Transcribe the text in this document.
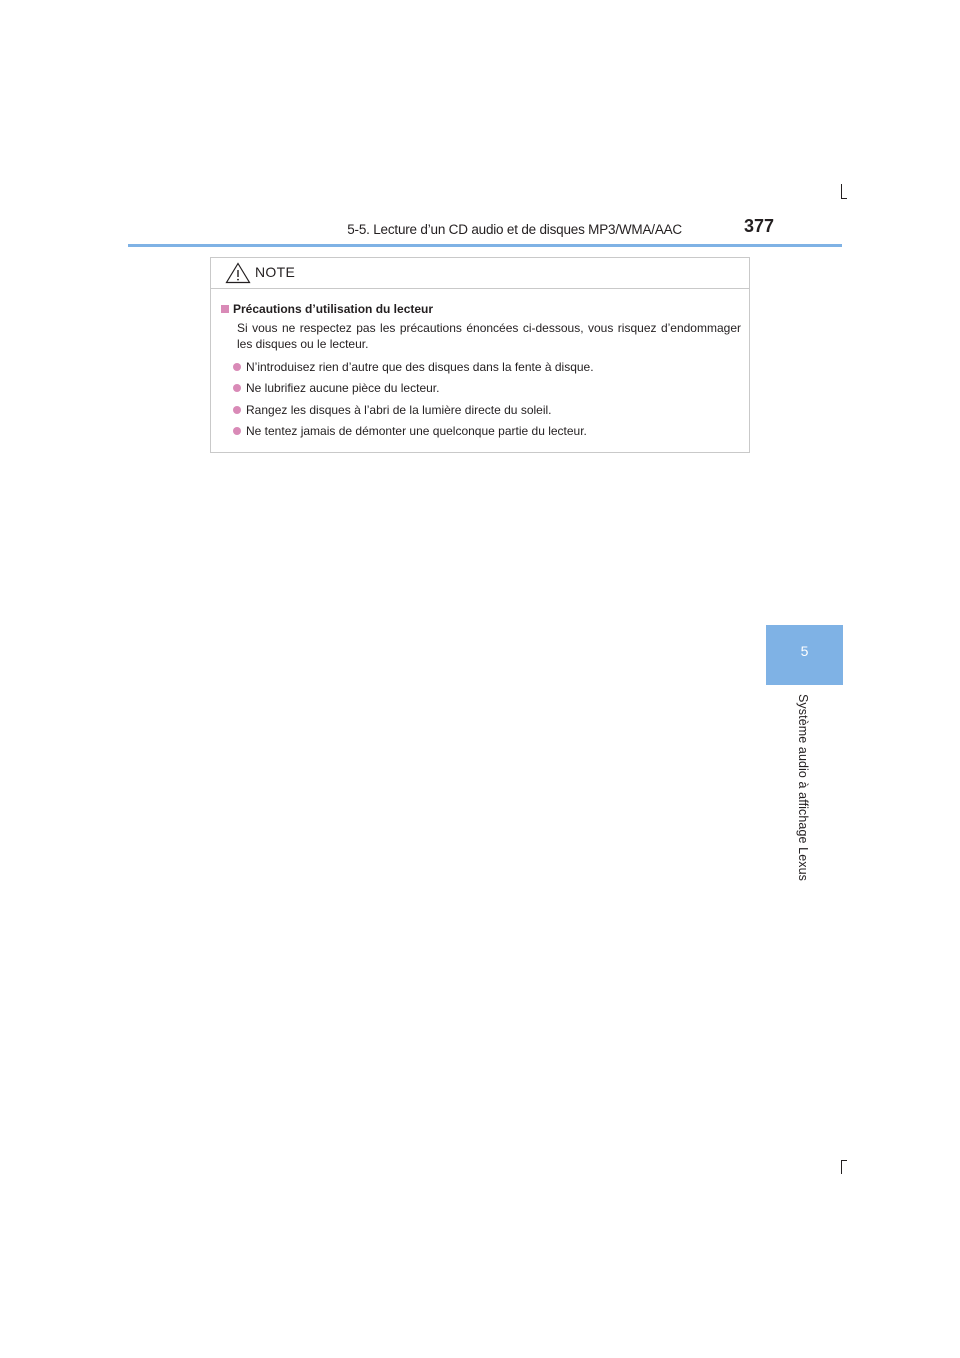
5-5. Lecture d’un CD audio et de disques MP3/WMA/AAC	377
5
Système audio à affichage Lexus
NOTE
Précautions d’utilisation du lecteur
Si vous ne respectez pas les précautions énoncées ci-dessous, vous risquez d’endommager les disques ou le lecteur.
N’introduisez rien d’autre que des disques dans la fente à disque.
Ne lubrifiez aucune pièce du lecteur.
Rangez les disques à l’abri de la lumière directe du soleil.
Ne tentez jamais de démonter une quelconque partie du lecteur.
